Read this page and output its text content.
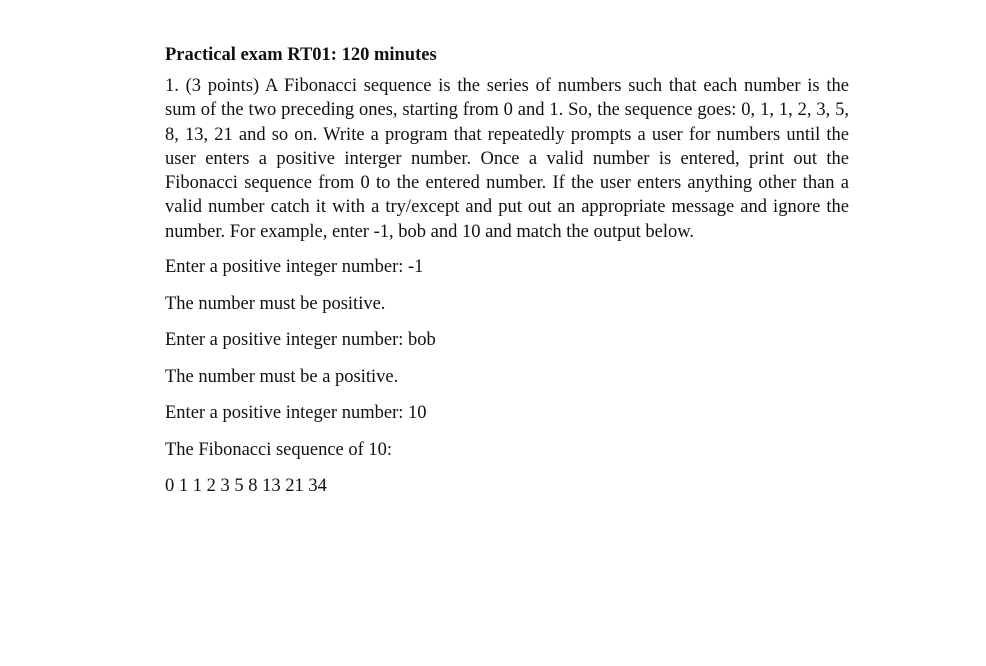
Practical exam RT01: 120 minutes
1. (3 points) A Fibonacci sequence is the series of numbers such that each number is the sum of the two preceding ones, starting from 0 and 1. So, the sequence goes: 0, 1, 1, 2, 3, 5, 8, 13, 21 and so on. Write a program that repeatedly prompts a user for numbers until the user enters a positive interger number. Once a valid number is entered, print out the Fibonacci sequence from 0 to the entered number. If the user enters anything other than a valid number catch it with a try/except and put out an appropriate message and ignore the number. For example, enter -1, bob and 10 and match the output below.
Enter a positive integer number: -1
The number must be positive.
Enter a positive integer number: bob
The number must be a positive.
Enter a positive integer number: 10
The Fibonacci sequence of 10:
0 1 1 2 3 5 8 13 21 34
